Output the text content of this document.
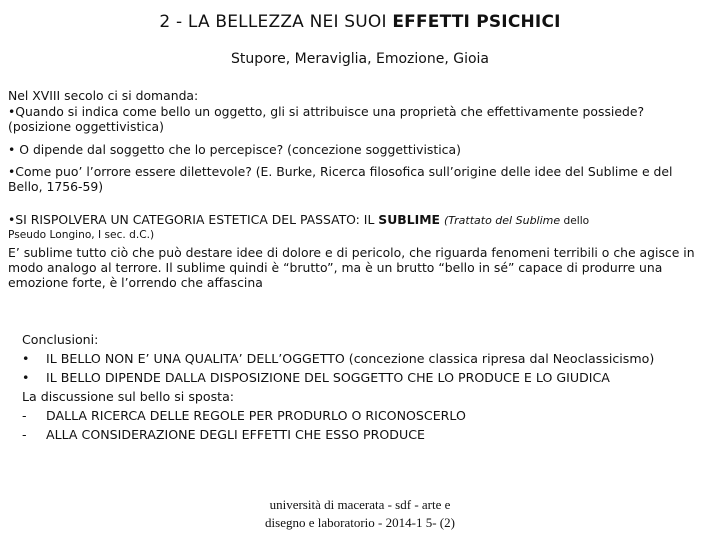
2 - LA BELLEZZA NEI SUOI EFFETTI PSICHICI
Stupore, Meraviglia, Emozione, Gioia
Nel XVIII secolo ci si domanda:
•Quando si indica come bello un oggetto, gli si attribuisce una proprietà che effettivamente possiede? (posizione oggettivistica)
• O dipende dal soggetto che lo percepisce? (concezione soggettivistica)
•Come puo’ l’orrore essere dilettevole? (E. Burke, Ricerca filosofica sull’origine delle idee del Sublime e del Bello, 1756-59)
•SI RISPOLVERA UN CATEGORIA ESTETICA DEL PASSATO: IL SUBLIME (Trattato del Sublime dello
Pseudo Longino, I sec. d.C.)
E’ sublime tutto ciò che può destare idee di dolore e di pericolo, che riguarda fenomeni terribili o che agisce in modo analogo al terrore. Il sublime quindi è “brutto”, ma è un brutto “bello in sé” capace di produrre una emozione forte, è l’orrendo che affascina
Conclusioni:
•	IL BELLO NON E’ UNA QUALITA’ DELL’OGGETTO (concezione classica ripresa dal Neoclassicismo)
•	IL BELLO DIPENDE DALLA DISPOSIZIONE DEL SOGGETTO CHE LO PRODUCE E LO GIUDICA
La discussione sul bello si sposta:
-	DALLA RICERCA DELLE REGOLE PER PRODURLO O RICONOSCERLO
-	ALLA CONSIDERAZIONE DEGLI EFFETTI CHE ESSO PRODUCE
università di macerata - sdf - arte e
disegno e laboratorio - 2014-1 5- (2)
